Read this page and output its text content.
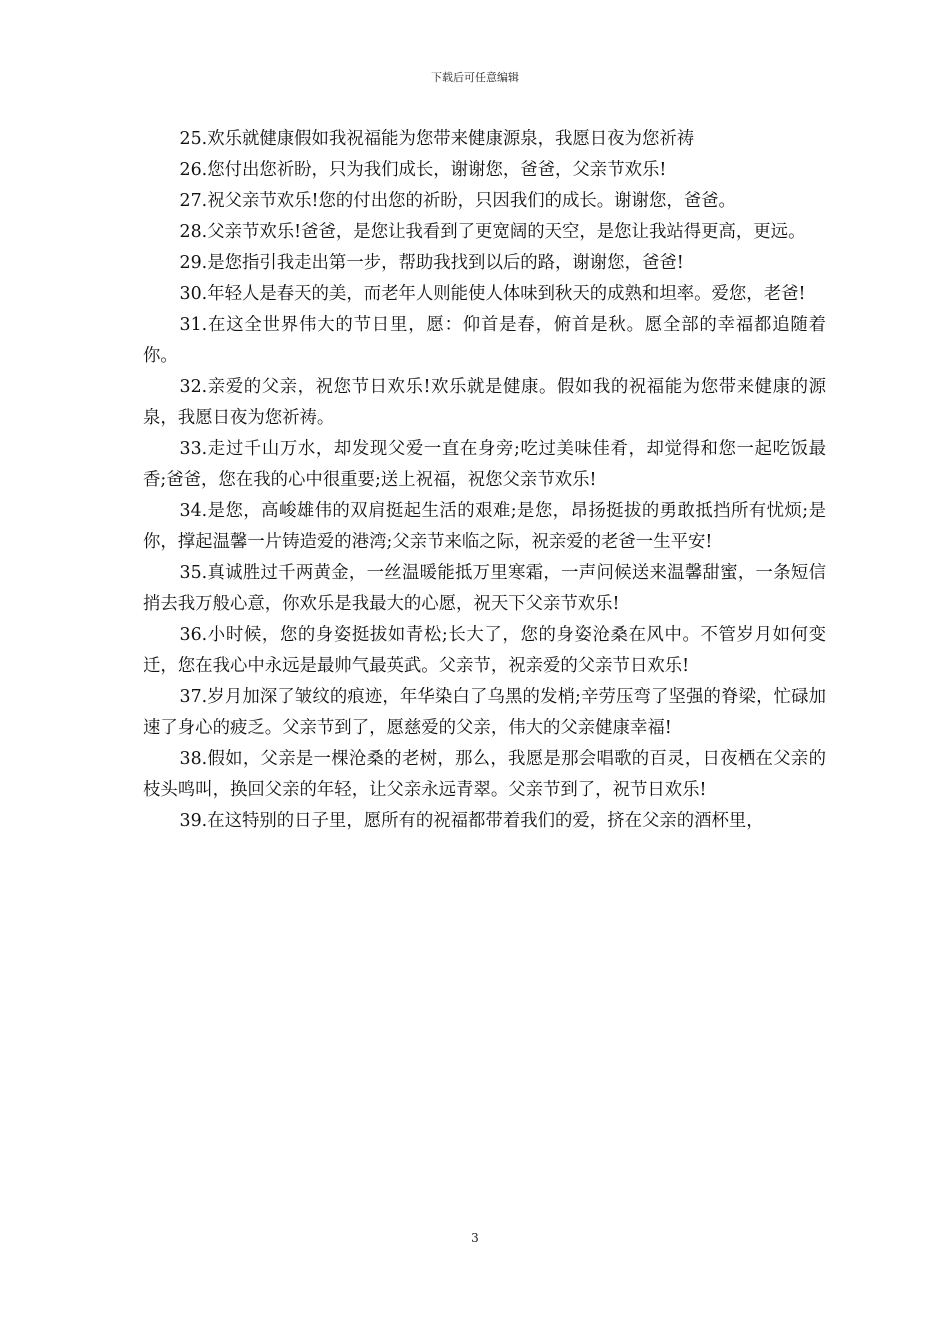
下载后可任意编辑

25.欢乐就健康假如我祝福能为您带来健康源泉，我愿日夜为您祈祷

26.您付出您祈盼，只为我们成长，谢谢您，爸爸，父亲节欢乐!

27.祝父亲节欢乐!您的付出您的祈盼，只因我们的成长。谢谢您，爸爸。

28.父亲节欢乐!爸爸，是您让我看到了更宽阔的天空，是您让我站得更高，更远。

29.是您指引我走出第一步，帮助我找到以后的路，谢谢您，爸爸!

30.年轻人是春天的美，而老年人则能使人体味到秋天的成熟和坦率。爱您，老爸!

31.在这全世界伟大的节日里，愿：仰首是春，俯首是秋。愿全部的幸福都追随着你。

32.亲爱的父亲，祝您节日欢乐!欢乐就是健康。假如我的祝福能为您带来健康的源泉，我愿日夜为您祈祷。

33.走过千山万水，却发现父爱一直在身旁;吃过美味佳肴，却觉得和您一起吃饭最香;爸爸，您在我的心中很重要;送上祝福，祝您父亲节欢乐!

34.是您，高峻雄伟的双肩挺起生活的艰难;是您，昂扬挺拔的勇敢抵挡所有忧烦;是你，撑起温馨一片铸造爱的港湾;父亲节来临之际，祝亲爱的老爸一生平安!

35.真诚胜过千两黄金，一丝温暖能抵万里寒霜，一声问候送来温馨甜蜜，一条短信捎去我万般心意，你欢乐是我最大的心愿，祝天下父亲节欢乐!

36.小时候，您的身姿挺拔如青松;长大了，您的身姿沧桑在风中。不管岁月如何变迁，您在我心中永远是最帅气最英武。父亲节，祝亲爱的父亲节日欢乐!

37.岁月加深了皱纹的痕迹，年华染白了乌黑的发梢;辛劳压弯了坚强的脊梁，忙碌加速了身心的疲乏。父亲节到了，愿慈爱的父亲，伟大的父亲健康幸福!

38.假如，父亲是一棵沧桑的老树，那么，我愿是那会唱歌的百灵，日夜栖在父亲的枝头鸣叫，换回父亲的年轻，让父亲永远青翠。父亲节到了，祝节日欢乐!

39.在这特别的日子里，愿所有的祝福都带着我们的爱，挤在父亲的酒杯里，

3
